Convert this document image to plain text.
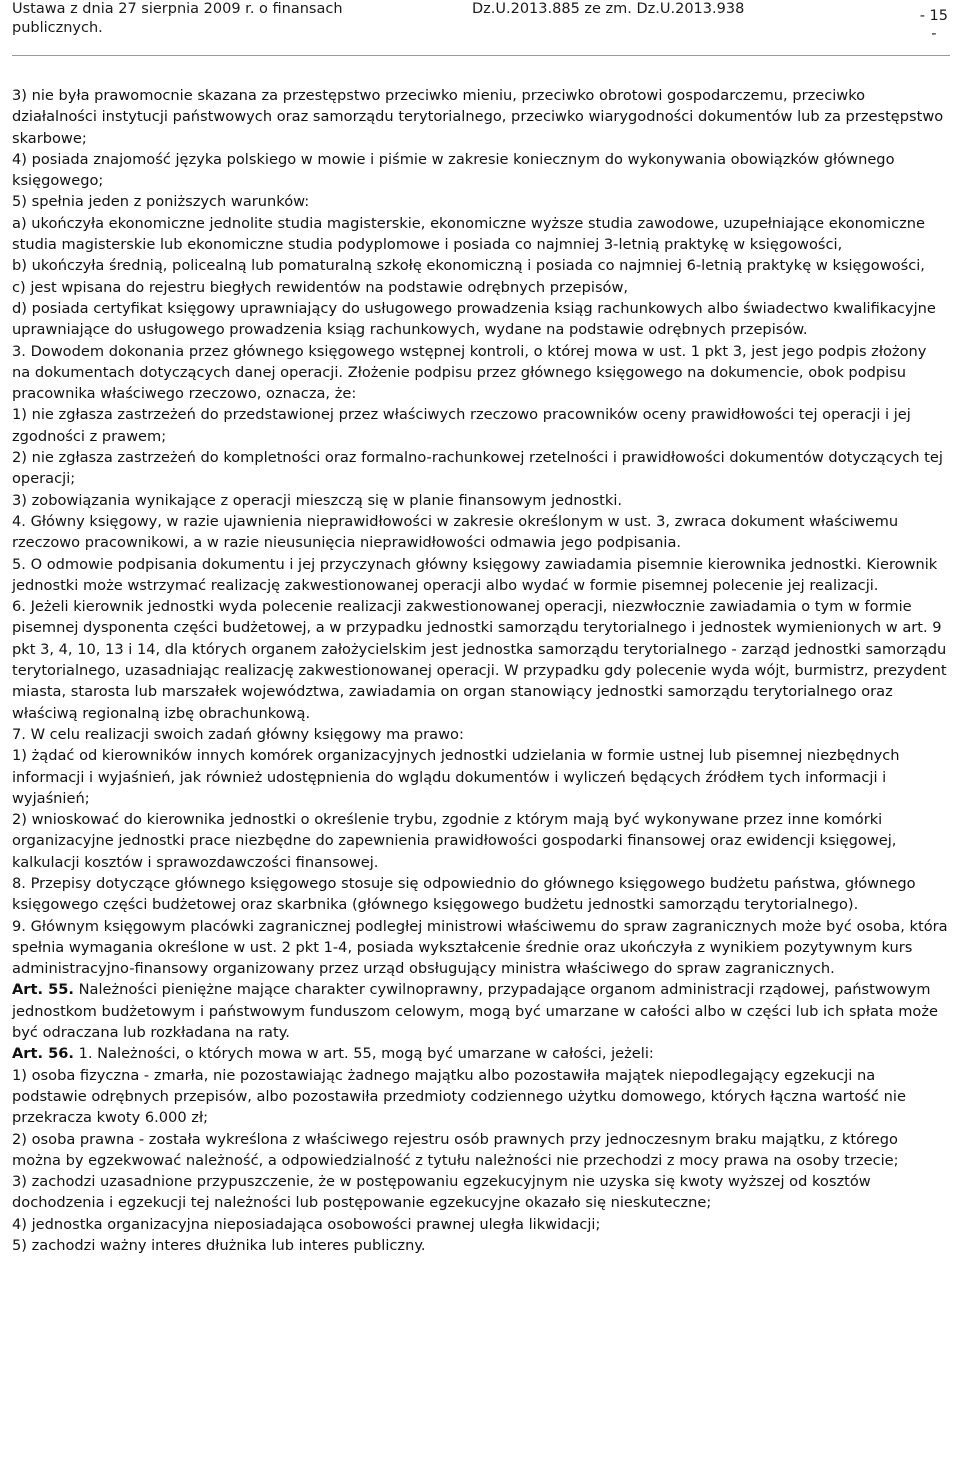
Ustawa z dnia 27 sierpnia 2009 r. o finansach publicznych.
Dz.U.2013.885 ze zm. Dz.U.2013.938	- 15
-

3) nie była prawomocnie skazana za przestępstwo przeciwko mieniu, przeciwko obrotowi gospodarczemu, przeciwko działalności instytucji państwowych oraz samorządu terytorialnego, przeciwko wiarygodności dokumentów lub za przestępstwo skarbowe;

4) posiada znajomość języka polskiego w mowie i piśmie w zakresie koniecznym do wykonywania obowiązków głównego księgowego;

5) spełnia jeden z poniższych warunków:

a) ukończyła ekonomiczne jednolite studia magisterskie, ekonomiczne wyższe studia zawodowe, uzupełniające ekonomiczne studia magisterskie lub ekonomiczne studia podyplomowe i posiada co najmniej 3-letnią praktykę w księgowości,

b) ukończyła średnią, policealną lub pomaturalną szkołę ekonomiczną i posiada co najmniej 6-letnią praktykę w księgowości,

c) jest wpisana do rejestru biegłych rewidentów na podstawie odrębnych przepisów,

d) posiada certyfikat księgowy uprawniający do usługowego prowadzenia ksiąg rachunkowych albo świadectwo kwalifikacyjne uprawniające do usługowego prowadzenia ksiąg rachunkowych, wydane na podstawie odrębnych przepisów.

3. Dowodem dokonania przez głównego księgowego wstępnej kontroli, o której mowa w ust. 1 pkt 3, jest jego podpis złożony na dokumentach dotyczących danej operacji. Złożenie podpisu przez głównego księgowego na dokumencie, obok podpisu pracownika właściwego rzeczowo, oznacza, że:

1) nie zgłasza zastrzeżeń do przedstawionej przez właściwych rzeczowo pracowników oceny prawidłowości tej operacji i jej zgodności z prawem;

2) nie zgłasza zastrzeżeń do kompletności oraz formalno-rachunkowej rzetelności i prawidłowości dokumentów dotyczących tej operacji;

3) zobowiązania wynikające z operacji mieszczą się w planie finansowym jednostki.

4. Główny księgowy, w razie ujawnienia nieprawidłowości w zakresie określonym w ust. 3, zwraca dokument właściwemu rzeczowo pracownikowi, a w razie nieusunięcia nieprawidłowości odmawia jego podpisania.

5. O odmowie podpisania dokumentu i jej przyczynach główny księgowy zawiadamia pisemnie kierownika jednostki. Kierownik jednostki może wstrzymać realizację zakwestionowanej operacji albo wydać w formie pisemnej polecenie jej realizacji.

6. Jeżeli kierownik jednostki wyda polecenie realizacji zakwestionowanej operacji, niezwłocznie zawiadamia o tym w formie pisemnej dysponenta części budżetowej, a w przypadku jednostki samorządu terytorialnego i jednostek wymienionych w art. 9 pkt 3, 4, 10, 13 i 14, dla których organem założycielskim jest jednostka samorządu terytorialnego - zarząd jednostki samorządu terytorialnego, uzasadniając realizację zakwestionowanej operacji. W przypadku gdy polecenie wyda wójt, burmistrz, prezydent miasta, starosta lub marszałek województwa, zawiadamia on organ stanowiący jednostki samorządu terytorialnego oraz właściwą regionalną izbę obrachunkową.

7. W celu realizacji swoich zadań główny księgowy ma prawo:

1) żądać od kierowników innych komórek organizacyjnych jednostki udzielania w formie ustnej lub pisemnej niezbędnych informacji i wyjaśnień, jak również udostępnienia do wglądu dokumentów i wyliczeń będących źródłem tych informacji i wyjaśnień;

2) wnioskować do kierownika jednostki o określenie trybu, zgodnie z którym mają być wykonywane przez inne komórki organizacyjne jednostki prace niezbędne do zapewnienia prawidłowości gospodarki finansowej oraz ewidencji księgowej, kalkulacji kosztów i sprawozdawczości finansowej.

8. Przepisy dotyczące głównego księgowego stosuje się odpowiednio do głównego księgowego budżetu państwa, głównego księgowego części budżetowej oraz skarbnika (głównego księgowego budżetu jednostki samorządu terytorialnego).

9. Głównym księgowym placówki zagranicznej podległej ministrowi właściwemu do spraw zagranicznych może być osoba, która spełnia wymagania określone w ust. 2 pkt 1-4, posiada wykształcenie średnie oraz ukończyła z wynikiem pozytywnym kurs administracyjno-finansowy organizowany przez urząd obsługujący ministra właściwego do spraw zagranicznych.

Art. 55. Należności pieniężne mające charakter cywilnoprawny, przypadające organom administracji rządowej, państwowym jednostkom budżetowym i państwowym funduszom celowym, mogą być umarzane w całości albo w części lub ich spłata może być odraczana lub rozkładana na raty.

Art. 56. 1. Należności, o których mowa w art. 55, mogą być umarzane w całości, jeżeli:

1) osoba fizyczna - zmarła, nie pozostawiając żadnego majątku albo pozostawiła majątek niepodlegający egzekucji na podstawie odrębnych przepisów, albo pozostawiła przedmioty codziennego użytku domowego, których łączna wartość nie przekracza kwoty 6.000 zł;

2) osoba prawna - została wykreślona z właściwego rejestru osób prawnych przy jednoczesnym braku majątku, z którego można by egzekwować należność, a odpowiedzialność z tytułu należności nie przechodzi z mocy prawa na osoby trzecie;

3) zachodzi uzasadnione przypuszczenie, że w postępowaniu egzekucyjnym nie uzyska się kwoty wyższej od kosztów dochodzenia i egzekucji tej należności lub postępowanie egzekucyjne okazało się nieskuteczne;

4) jednostka organizacyjna nieposiadająca osobowości prawnej uległa likwidacji;

5) zachodzi ważny interes dłużnika lub interes publiczny.
